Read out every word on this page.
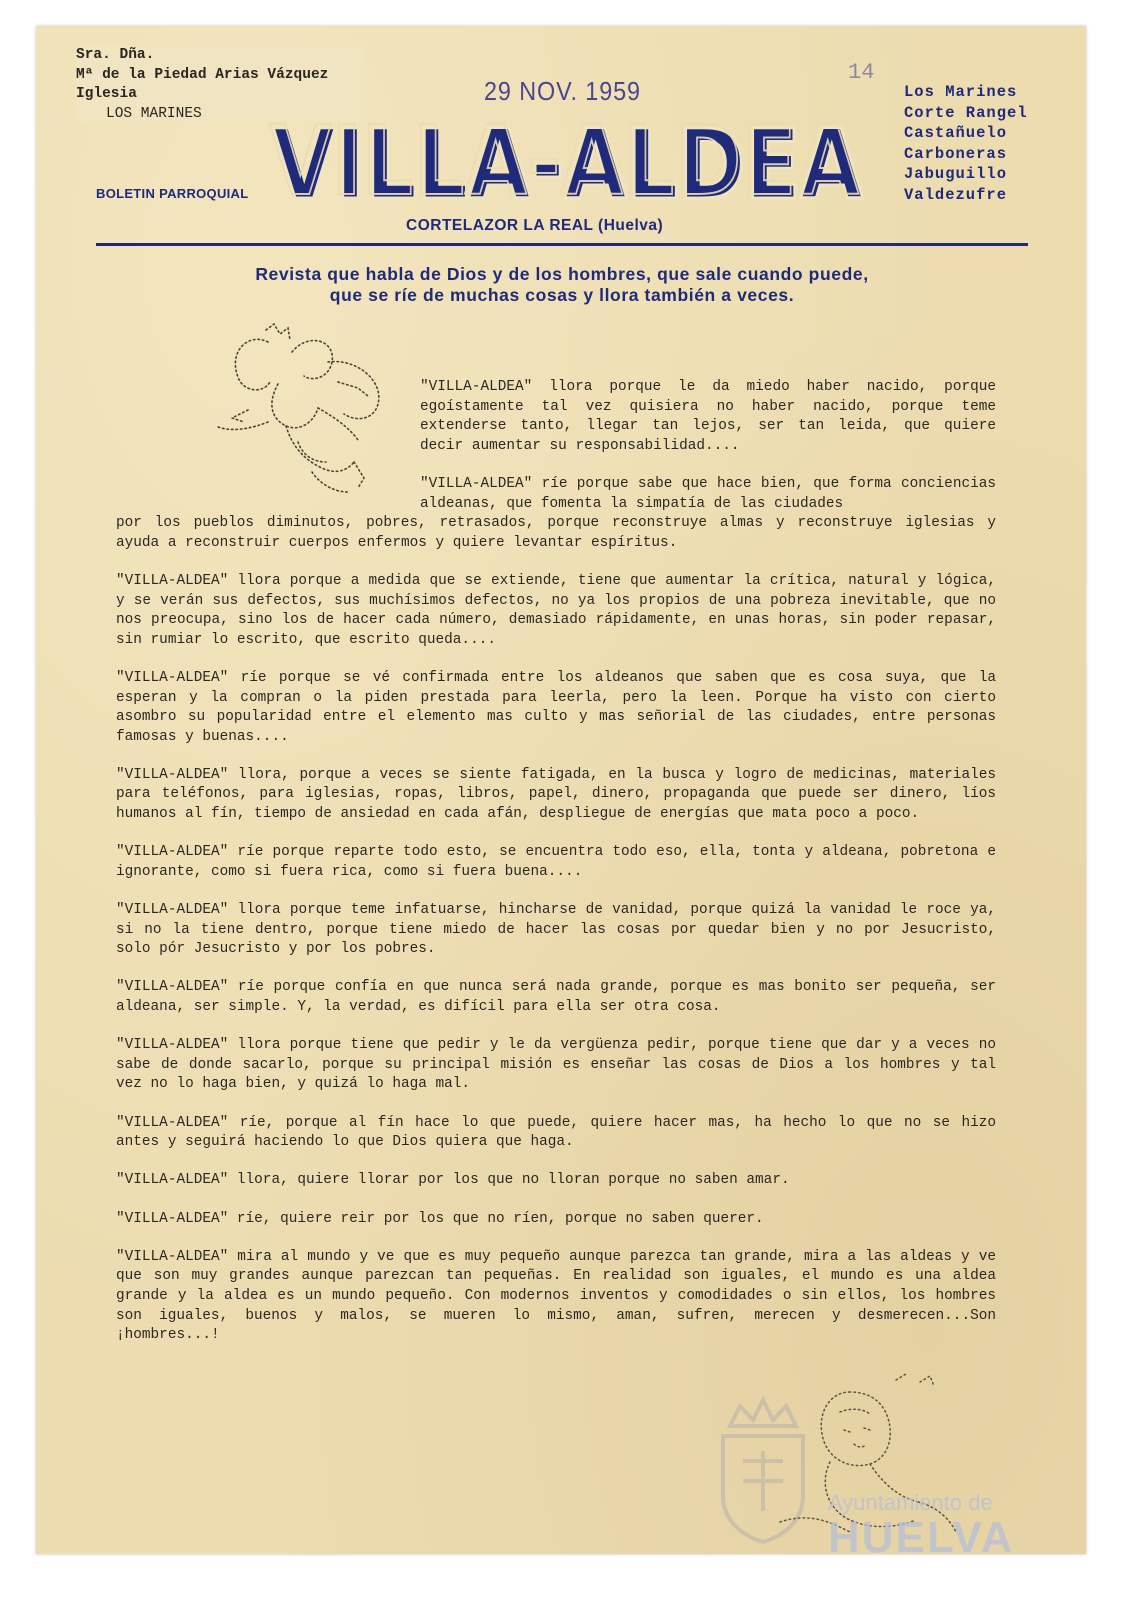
Sra. Dña.
Mª de la Piedad Arias Vázquez
Iglesia
LOS MARINES
29 NOV. 1959
14
Los Marines
Corte Rangel
Castañuelo
Carboneras
Jabuguillo
Valdezufre
BOLETIN PARROQUIAL VILLA-ALDEA
VILLA-ALDEA
CORTELAZOR LA REAL (Huelva)
Revista que habla de Dios y de los hombres, que sale cuando puede,
que se ríe de muchas cosas y llora también a veces.
Ayuntamiento de
HUELVA

"VILLA-ALDEA" llora porque le da miedo haber nacido, porque egoístamente tal vez quisiera no haber nacido, porque teme extenderse tanto, llegar tan lejos, ser tan leida, que quiere decir aumentar su responsabilidad....

"VILLA-ALDEA" ríe porque sabe que hace bien, que forma conciencias aldeanas, que fomenta la simpatía de las ciudades

por los pueblos diminutos, pobres, retrasados, porque reconstruye almas y reconstruye iglesias y ayuda a reconstruir cuerpos enfermos y quiere levantar espíritus.

"VILLA-ALDEA" llora porque a medida que se extiende, tiene que aumentar la crítica, natural y lógica, y se verán sus defectos, sus muchísimos defectos, no ya los propios de una pobreza inevitable, que no nos preocupa, sino los de hacer cada número, demasiado rápidamente, en unas horas, sin poder repasar, sin rumiar lo escrito, que escrito queda....

"VILLA-ALDEA" ríe porque se vé confirmada entre los aldeanos que saben que es cosa suya, que la esperan y la compran o la piden prestada para leerla, pero la leen. Porque ha visto con cierto asombro su popularidad entre el elemento mas culto y mas señorial de las ciudades, entre personas famosas y buenas....

"VILLA-ALDEA" llora, porque a veces se siente fatigada, en la busca y logro de medicinas, materiales para teléfonos, para iglesias, ropas, libros, papel, dinero, propaganda que puede ser dinero, líos humanos al fín, tiempo de ansiedad en cada afán, despliegue de energías que mata poco a poco.

"VILLA-ALDEA" ríe porque reparte todo esto, se encuentra todo eso, ella, tonta y aldeana, pobretona e ignorante, como si fuera rica, como si fuera buena....

"VILLA-ALDEA" llora porque teme infatuarse, hincharse de vanidad, porque quizá la vanidad le roce ya, si no la tiene dentro, porque tiene miedo de hacer las cosas por quedar bien y no por Jesucristo, solo pór Jesucristo y por los pobres.

"VILLA-ALDEA" ríe porque confía en que nunca será nada grande, porque es mas bonito ser pequeña, ser aldeana, ser simple. Y, la verdad, es difícil para ella ser otra cosa.

"VILLA-ALDEA" llora porque tiene que pedir y le da vergüenza pedir, porque tiene que dar y a veces no sabe de donde sacarlo, porque su principal misión es enseñar las cosas de Dios a los hombres y tal vez no lo haga bien, y quizá lo haga mal.

"VILLA-ALDEA" ríe, porque al fín hace lo que puede, quiere hacer mas, ha hecho lo que no se hizo antes y seguirá haciendo lo que Dios quiera que haga.

"VILLA-ALDEA" llora, quiere llorar por los que no lloran porque no saben amar.

"VILLA-ALDEA" ríe, quiere reir por los que no ríen, porque no saben querer.

"VILLA-ALDEA" mira al mundo y ve que es muy pequeño aunque parezca tan grande, mira a las aldeas y ve que son muy grandes aunque parezcan tan pequeñas. En realidad son iguales, el mundo es una aldea grande y la aldea es un mundo pequeño. Con modernos inventos y comodidades o sin ellos, los hombres son iguales, buenos y malos, se mueren lo mismo, aman, sufren, merecen y desmerecen...Son ¡hombres...!
